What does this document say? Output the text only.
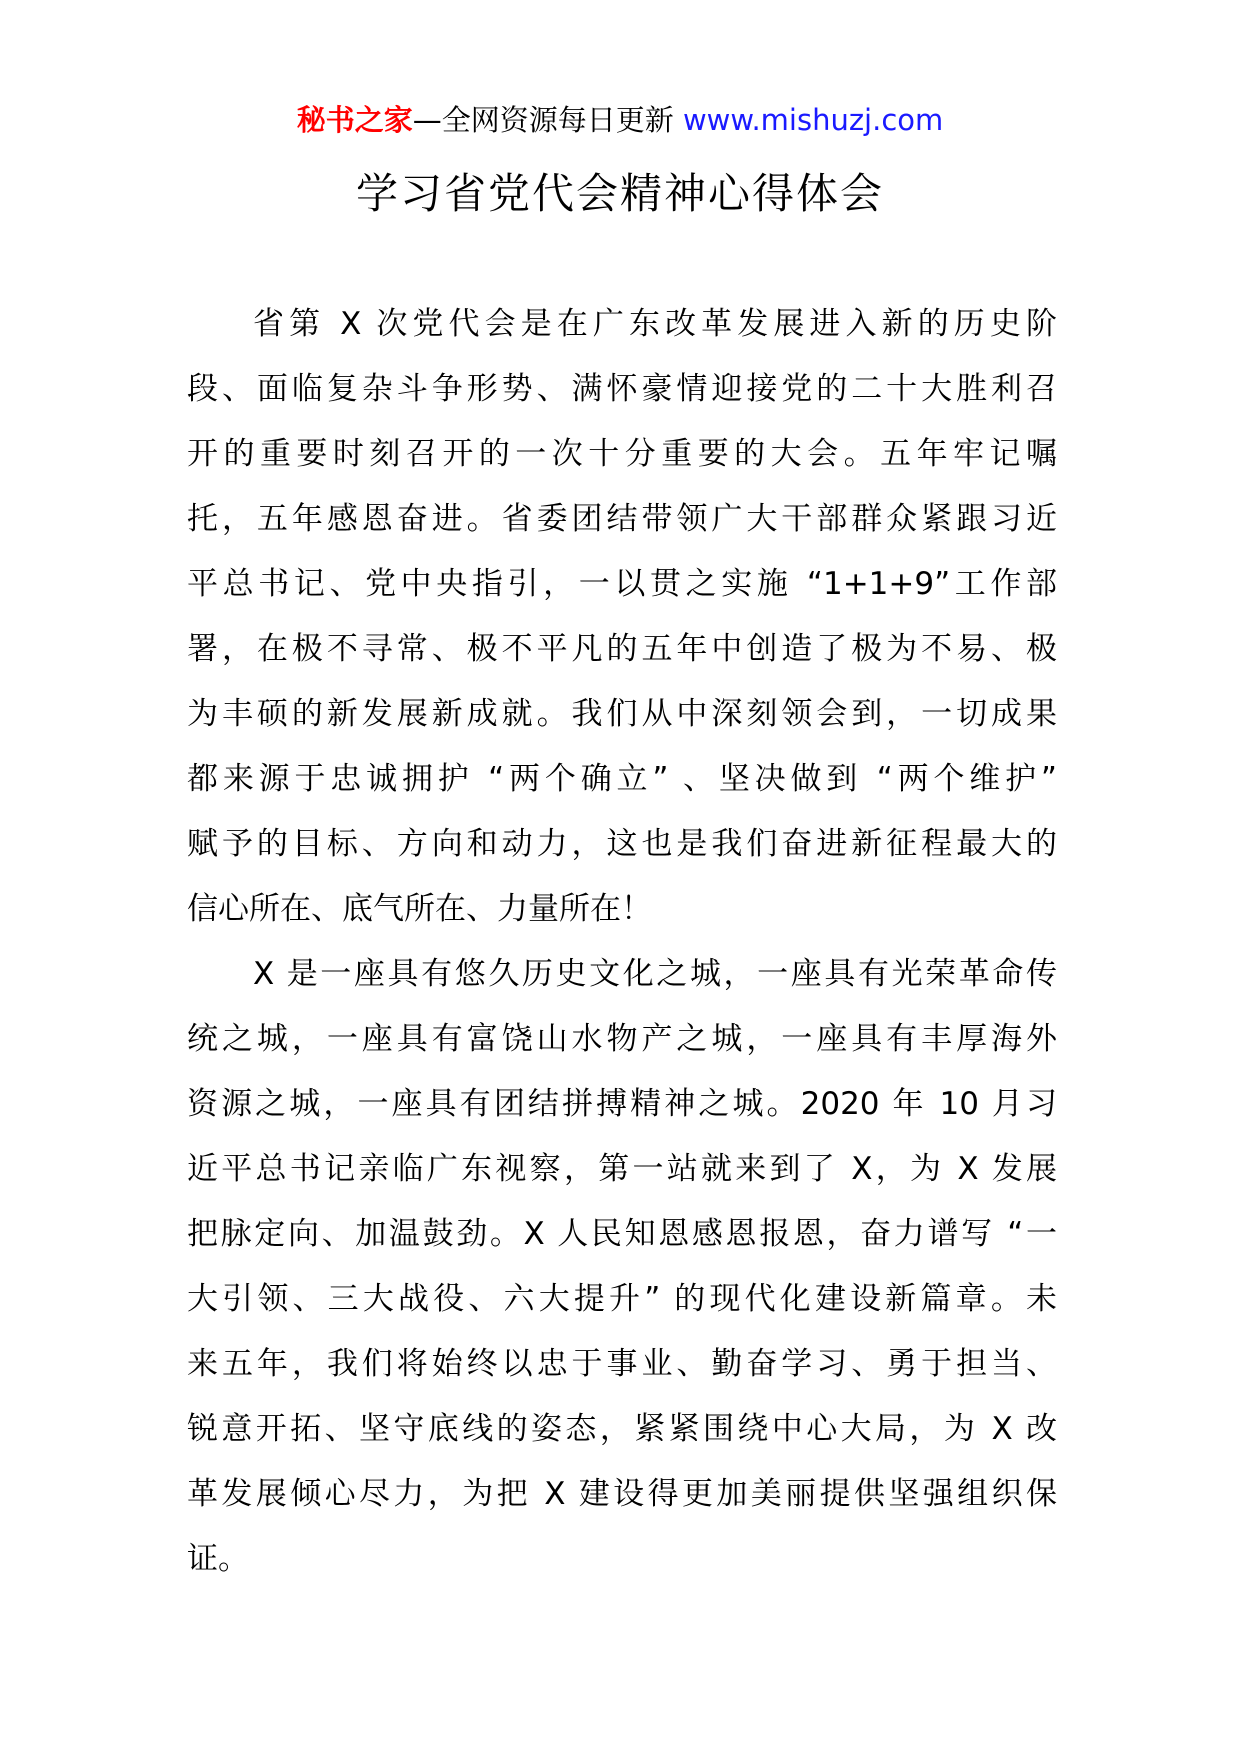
秘书之家—全网资源每日更新 www.mishuzj.com
学习省党代会精神心得体会
省第 X 次党代会是在广东改革发展进入新的历史阶
段、面临复杂斗争形势、满怀豪情迎接党的二十大胜利召
开的重要时刻召开的一次十分重要的大会。五年牢记嘱
托，五年感恩奋进。省委团结带领广大干部群众紧跟习近
平总书记、党中央指引，一以贯之实施 “1+1+9”工作部
署，在极不寻常、极不平凡的五年中创造了极为不易、极
为丰硕的新发展新成就。我们从中深刻领会到，一切成果
都来源于忠诚拥护 “两个确立” 、坚决做到 “两个维护”
赋予的目标、方向和动力，这也是我们奋进新征程最大的
信心所在、底气所在、力量所在！
X 是一座具有悠久历史文化之城，一座具有光荣革命传
统之城，一座具有富饶山水物产之城，一座具有丰厚海外
资源之城，一座具有团结拼搏精神之城。2020 年 10 月习
近平总书记亲临广东视察，第一站就来到了 X，为 X 发展
把脉定向、加温鼓劲。X 人民知恩感恩报恩，奋力谱写 “一
大引领、三大战役、六大提升” 的现代化建设新篇章。未
来五年，我们将始终以忠于事业、勤奋学习、勇于担当、
锐意开拓、坚守底线的姿态，紧紧围绕中心大局，为 X 改
革发展倾心尽力，为把 X 建设得更加美丽提供坚强组织保
证。
